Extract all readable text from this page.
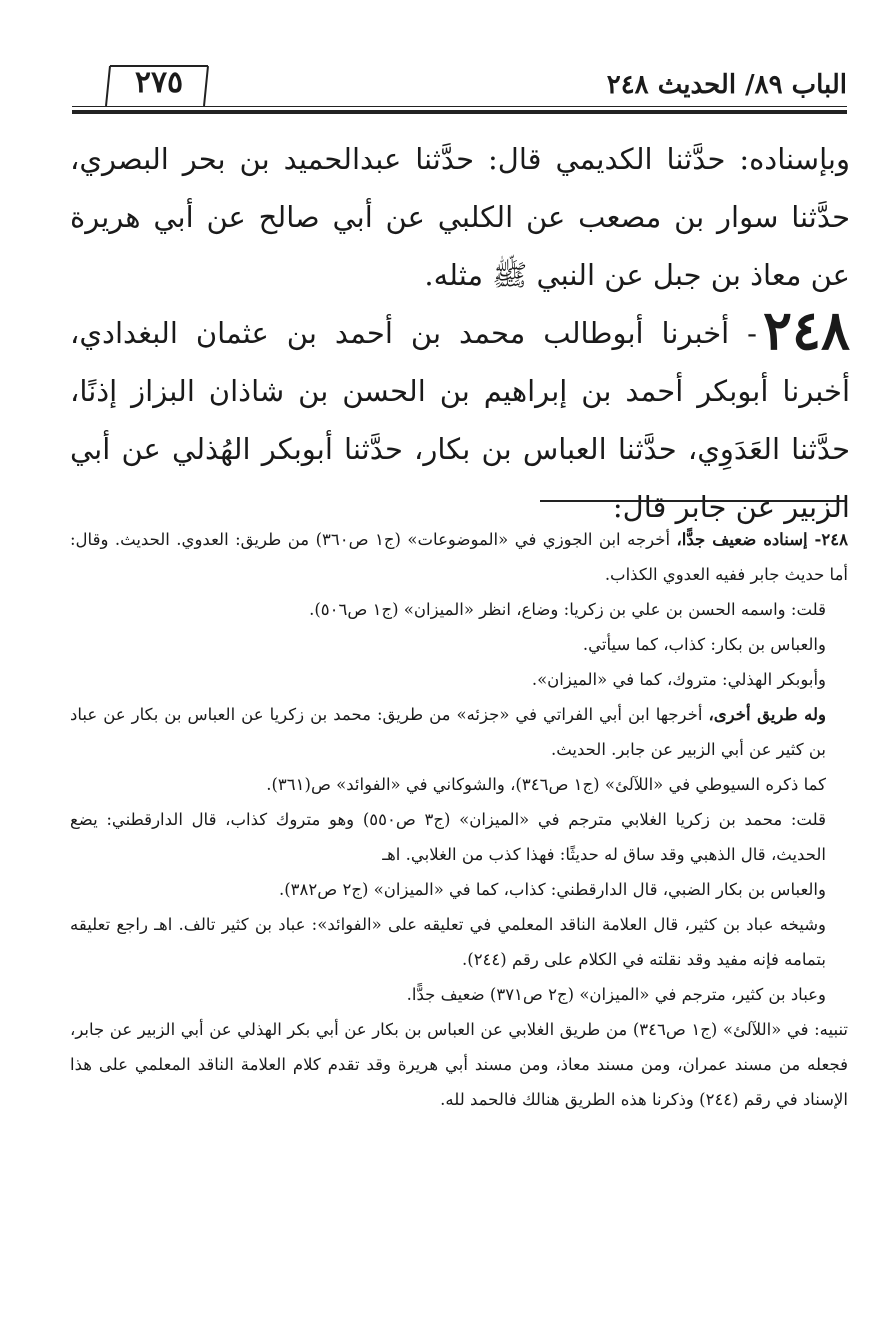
٢٧٥	الباب ٨٩/ الحديث ٢٤٨

وبإسناده: حدَّثنا الكديمي قال: حدَّثنا عبدالحميد بن بحر البصري، حدَّثنا سوار بن مصعب عن الكلبي عن أبي صالح عن أبي هريرة عن معاذ بن جبل عن النبي ﷺ مثله.

٢٤٨- أخبرنا أبوطالب محمد بن أحمد بن عثمان البغدادي، أخبرنا أبوبكر أحمد بن إبراهيم بن الحسن بن شاذان البزاز إذنًا، حدَّثنا العَدَوِي، حدَّثنا العباس بن بكار، حدَّثنا أبوبكر الهُذلي عن أبي الزبير عن جابر قال:

٢٤٨- إسناده ضعيف جدًّا، أخرجه ابن الجوزي في «الموضوعات» (ج١ ص٣٦٠) من طريق: العدوي. الحديث. وقال: أما حديث جابر ففيه العدوي الكذاب.

قلت: واسمه الحسن بن علي بن زكريا: وضاع، انظر «الميزان» (ج١ ص٥٠٦).

والعباس بن بكار: كذاب، كما سيأتي.

وأبوبكر الهذلي: متروك، كما في «الميزان».

وله طريق أخرى، أخرجها ابن أبي الفراتي في «جزئه» من طريق: محمد بن زكريا عن العباس بن بكار عن عباد بن كثير عن أبي الزبير عن جابر. الحديث.

كما ذكره السيوطي في «اللآلئ» (ج١ ص٣٤٦)، والشوكاني في «الفوائد» ص(٣٦١).

قلت: محمد بن زكريا الغلابي مترجم في «الميزان» (ج٣ ص٥٥٠) وهو متروك كذاب، قال الدارقطني: يضع الحديث، قال الذهبي وقد ساق له حديثًا: فهذا كذب من الغلابي. اهـ

والعباس بن بكار الضبي، قال الدارقطني: كذاب، كما في «الميزان» (ج٢ ص٣٨٢).

وشيخه عباد بن كثير، قال العلامة الناقد المعلمي في تعليقه على «الفوائد»: عباد بن كثير تالف. اهـ راجع تعليقه بتمامه فإنه مفيد وقد نقلته في الكلام على رقم (٢٤٤).

وعباد بن كثير، مترجم في «الميزان» (ج٢ ص٣٧١) ضعيف جدًّا.

تنبيه: في «اللآلئ» (ج١ ص٣٤٦) من طريق الغلابي عن العباس بن بكار عن أبي بكر الهذلي عن أبي الزبير عن جابر، فجعله من مسند عمران، ومن مسند معاذ، ومن مسند أبي هريرة وقد تقدم كلام العلامة الناقد المعلمي على هذا الإسناد في رقم (٢٤٤) وذكرنا هذه الطريق هنالك فالحمد لله.
